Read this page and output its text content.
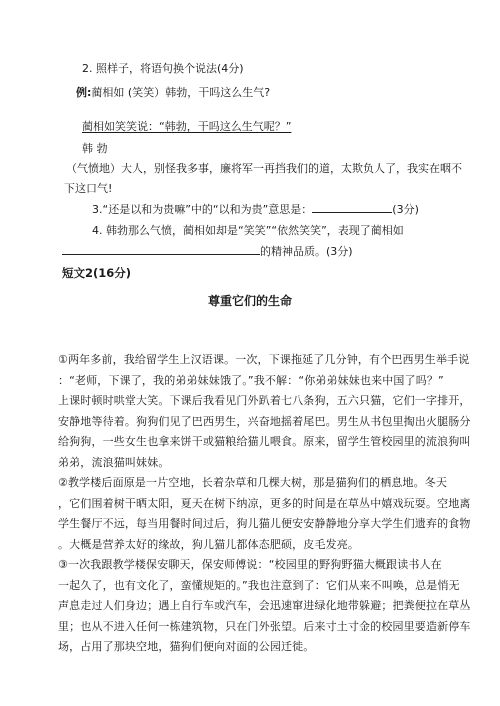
2. 照样子，将语句换个说法(4分)
例:蔺相如 (笑笑）韩勃，干吗这么生气?
蔺相如笑笑说：“韩勃，干吗这么生气呢？”
韩 勃
（气愤地）大人，别怪我多事，廉将军一再挡我们的道，太欺负人了，我实在咽不
下这口气!
3.“还是以和为贵嘛”中的“以和为贵”意思是：	(3分)
4. 韩勃那么气愤，蔺相如却是“笑笑”“依然笑笑”，表现了蔺相如
的精神品质。(3分)
短文2(16分)
尊重它们的生命
①两年多前，我给留学生上汉语课。一次，下课拖延了几分钟，有个巴西男生举手说
：“老师，下课了，我的弟弟妹妹饿了。”我不解：“你弟弟妹妹也来中国了吗？”
上课时顿时哄堂大笑。下课后我看见门外趴着七八条狗，五六只猫，它们一字排开，
安静地等待着。狗狗们见了巴西男生，兴奋地摇着尾巴。男生从书包里掏出火腿肠分
给狗狗，一些女生也拿来饼干或猫粮给猫儿喂食。原来，留学生管校园里的流浪狗叫
弟弟，流浪猫叫妹妹。
②教学楼后面原是一片空地，长着杂草和几棵大树，那是猫狗们的栖息地。冬天
，它们围着树干晒太阳，夏天在树下纳凉，更多的时间是在草丛中嬉戏玩耍。空地离
学生餐厅不远，每当用餐时间过后，狗儿猫儿便安安静静地分享大学生们遗弃的食物
。大概是营养太好的缘故，狗儿猫儿都体态肥硕，皮毛发亮。
③一次我跟教学楼保安聊天，保安师傅说：“校园里的野狗野猫大概跟读书人在
一起久了，也有文化了，蛮懂规矩的。”我也注意到了：它们从来不叫唤，总是悄无
声息走过人们身边；遇上自行车或汽车，会迅速窜进绿化地带躲避；把粪便拉在草丛
里；也从不进入任何一栋建筑物，只在门外张望。后来寸土寸金的校园里要造新停车
场，占用了那块空地，猫狗们便向对面的公园迁徙。
